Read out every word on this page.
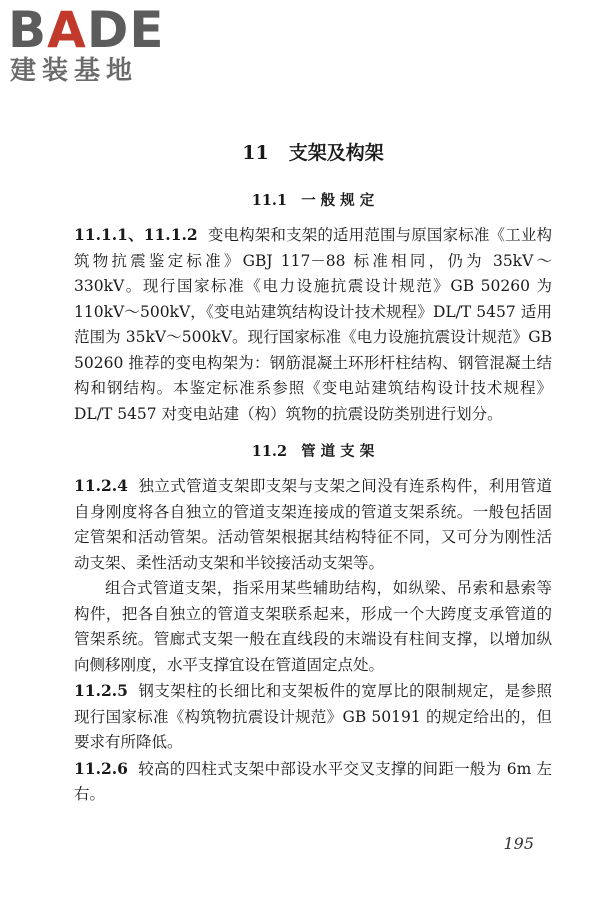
BADE
建装基地
11 支架及构架
11.1 一 般 规 定

11.1.1、11.1.2 变电构架和支架的适用范围与原国家标准《工业构筑物抗震鉴定标准》GBJ 117－88 标准相同，仍为 35kV～330kV。现行国家标准《电力设施抗震设计规范》GB 50260 为 110kV～500kV，《变电站建筑结构设计技术规程》DL/T 5457 适用范围为 35kV～500kV。现行国家标准《电力设施抗震设计规范》GB 50260 推荐的变电构架为：钢筋混凝土环形杆柱结构、钢管混凝土结构和钢结构。本鉴定标准系参照《变电站建筑结构设计技术规程》DL/T 5457 对变电站建（构）筑物的抗震设防类别进行划分。

11.2 管 道 支 架

11.2.4 独立式管道支架即支架与支架之间没有连系构件，利用管道自身刚度将各自独立的管道支架连接成的管道支架系统。一般包括固定管架和活动管架。活动管架根据其结构特征不同，又可分为刚性活动支架、柔性活动支架和半铰接活动支架等。

组合式管道支架，指采用某些辅助结构，如纵梁、吊索和悬索等构件，把各自独立的管道支架联系起来，形成一个大跨度支承管道的管架系统。管廊式支架一般在直线段的末端设有柱间支撑，以增加纵向侧移刚度，水平支撑宜设在管道固定点处。

11.2.5 钢支架柱的长细比和支架板件的宽厚比的限制规定，是参照现行国家标准《构筑物抗震设计规范》GB 50191 的规定给出的，但要求有所降低。

11.2.6 较高的四柱式支架中部设水平交叉支撑的间距一般为 6m 左右。

195
